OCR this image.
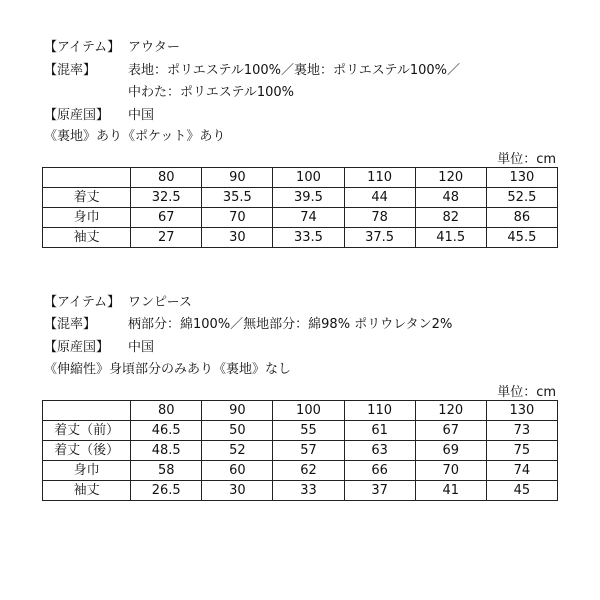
【アイテム】 アウター
【混率】 表地：ポリエステル100%／裏地：ポリエステル100%／
中わた：ポリエステル100%
【原産国】 中国
《裏地》あり《ポケット》あり
単位：cm
	80	90	100	110	120	130
着丈	32.5	35.5	39.5	44	48	52.5
身巾	67	70	74	78	82	86
袖丈	27	30	33.5	37.5	41.5	45.5
【アイテム】 ワンピース
【混率】 柄部分：綿100%／無地部分：綿98% ポリウレタン2%
【原産国】 中国
《伸縮性》身頃部分のみあり《裏地》なし
単位：cm
	80	90	100	110	120	130
着丈（前）	46.5	50	55	61	67	73
着丈（後）	48.5	52	57	63	69	75
身巾	58	60	62	66	70	74
袖丈	26.5	30	33	37	41	45
